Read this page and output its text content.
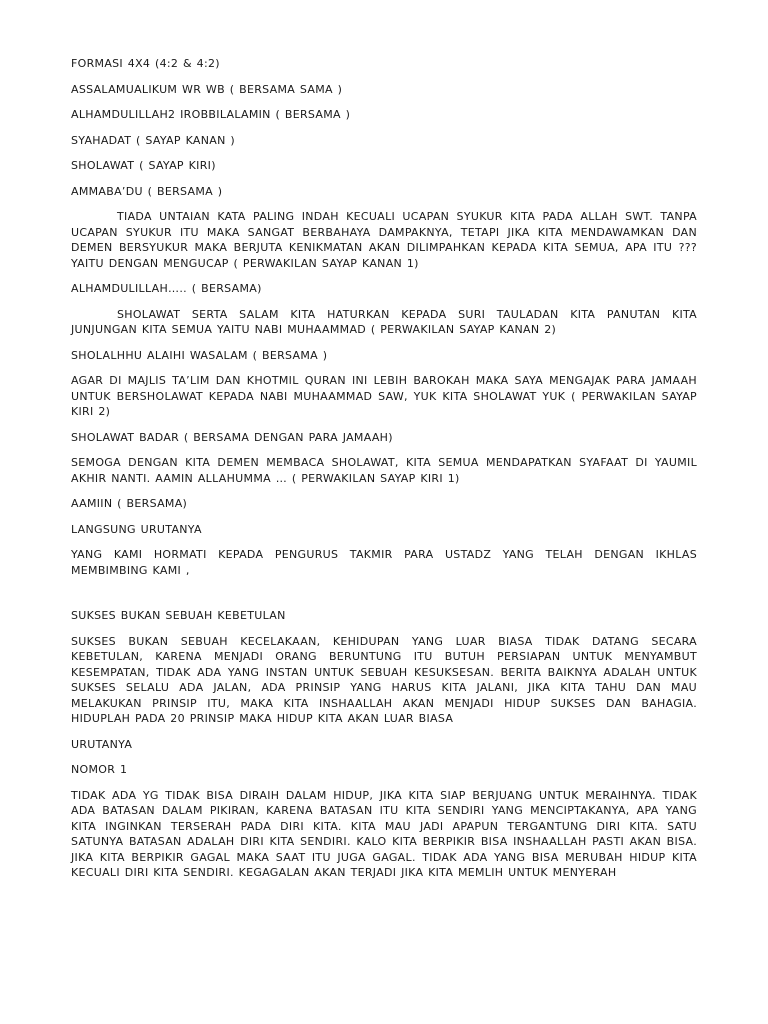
FORMASI 4X4 (4:2 & 4:2)

ASSALAMUALIKUM WR WB ( BERSAMA SAMA )

ALHAMDULILLAH2 IROBBILALAMIN ( BERSAMA )

SYAHADAT ( SAYAP KANAN )

SHOLAWAT ( SAYAP KIRI)

AMMABA’DU ( BERSAMA )

TIADA UNTAIAN KATA PALING INDAH KECUALI UCAPAN SYUKUR KITA PADA ALLAH SWT. TANPA UCAPAN SYUKUR ITU MAKA SANGAT BERBAHAYA DAMPAKNYA, TETAPI JIKA KITA MENDAWAMKAN DAN DEMEN BERSYUKUR MAKA BERJUTA KENIKMATAN AKAN DILIMPAHKAN KEPADA KITA SEMUA, APA ITU ??? YAITU DENGAN MENGUCAP ( PERWAKILAN SAYAP KANAN 1)

ALHAMDULILLAH….. ( BERSAMA)

SHOLAWAT SERTA SALAM KITA HATURKAN KEPADA SURI TAULADAN KITA PANUTAN KITA JUNJUNGAN KITA SEMUA YAITU NABI MUHAAMMAD ( PERWAKILAN SAYAP KANAN 2)

SHOLALHHU ALAIHI WASALAM ( BERSAMA )

AGAR DI MAJLIS TA’LIM DAN KHOTMIL QURAN INI LEBIH BAROKAH MAKA SAYA MENGAJAK PARA JAMAAH UNTUK BERSHOLAWAT KEPADA NABI MUHAAMMAD SAW, YUK KITA SHOLAWAT YUK ( PERWAKILAN SAYAP KIRI 2)

SHOLAWAT BADAR ( BERSAMA DENGAN PARA JAMAAH)

SEMOGA DENGAN KITA DEMEN MEMBACA SHOLAWAT, KITA SEMUA MENDAPATKAN SYAFAAT DI YAUMIL AKHIR NANTI. AAMIN ALLAHUMMA … ( PERWAKILAN SAYAP KIRI 1)

AAMIIN ( BERSAMA)

LANGSUNG URUTANYA

YANG KAMI HORMATI KEPADA PENGURUS TAKMIR PARA USTADZ YANG TELAH DENGAN IKHLAS MEMBIMBING KAMI ,

SUKSES BUKAN SEBUAH KEBETULAN

SUKSES BUKAN SEBUAH KECELAKAAN, KEHIDUPAN YANG LUAR BIASA TIDAK DATANG SECARA KEBETULAN, KARENA MENJADI ORANG BERUNTUNG ITU BUTUH PERSIAPAN UNTUK MENYAMBUT KESEMPATAN, TIDAK ADA YANG INSTAN UNTUK SEBUAH KESUKSESAN. BERITA BAIKNYA ADALAH UNTUK SUKSES SELALU ADA JALAN, ADA PRINSIP YANG HARUS KITA JALANI, JIKA KITA TAHU DAN MAU MELAKUKAN PRINSIP ITU, MAKA KITA INSHAALLAH AKAN MENJADI HIDUP SUKSES DAN BAHAGIA. HIDUPLAH PADA 20 PRINSIP MAKA HIDUP KITA AKAN LUAR BIASA

URUTANYA

NOMOR 1

TIDAK ADA YG TIDAK BISA DIRAIH DALAM HIDUP, JIKA KITA SIAP BERJUANG UNTUK MERAIHNYA. TIDAK ADA BATASAN DALAM PIKIRAN, KARENA BATASAN ITU KITA SENDIRI YANG MENCIPTAKANYA, APA YANG KITA INGINKAN TERSERAH PADA DIRI KITA. KITA MAU JADI APAPUN TERGANTUNG DIRI KITA. SATU SATUNYA BATASAN ADALAH DIRI KITA SENDIRI. KALO KITA BERPIKIR BISA INSHAALLAH PASTI AKAN BISA. JIKA KITA BERPIKIR GAGAL MAKA SAAT ITU JUGA GAGAL. TIDAK ADA YANG BISA MERUBAH HIDUP KITA KECUALI DIRI KITA SENDIRI. KEGAGALAN AKAN TERJADI JIKA KITA MEMLIH UNTUK MENYERAH
